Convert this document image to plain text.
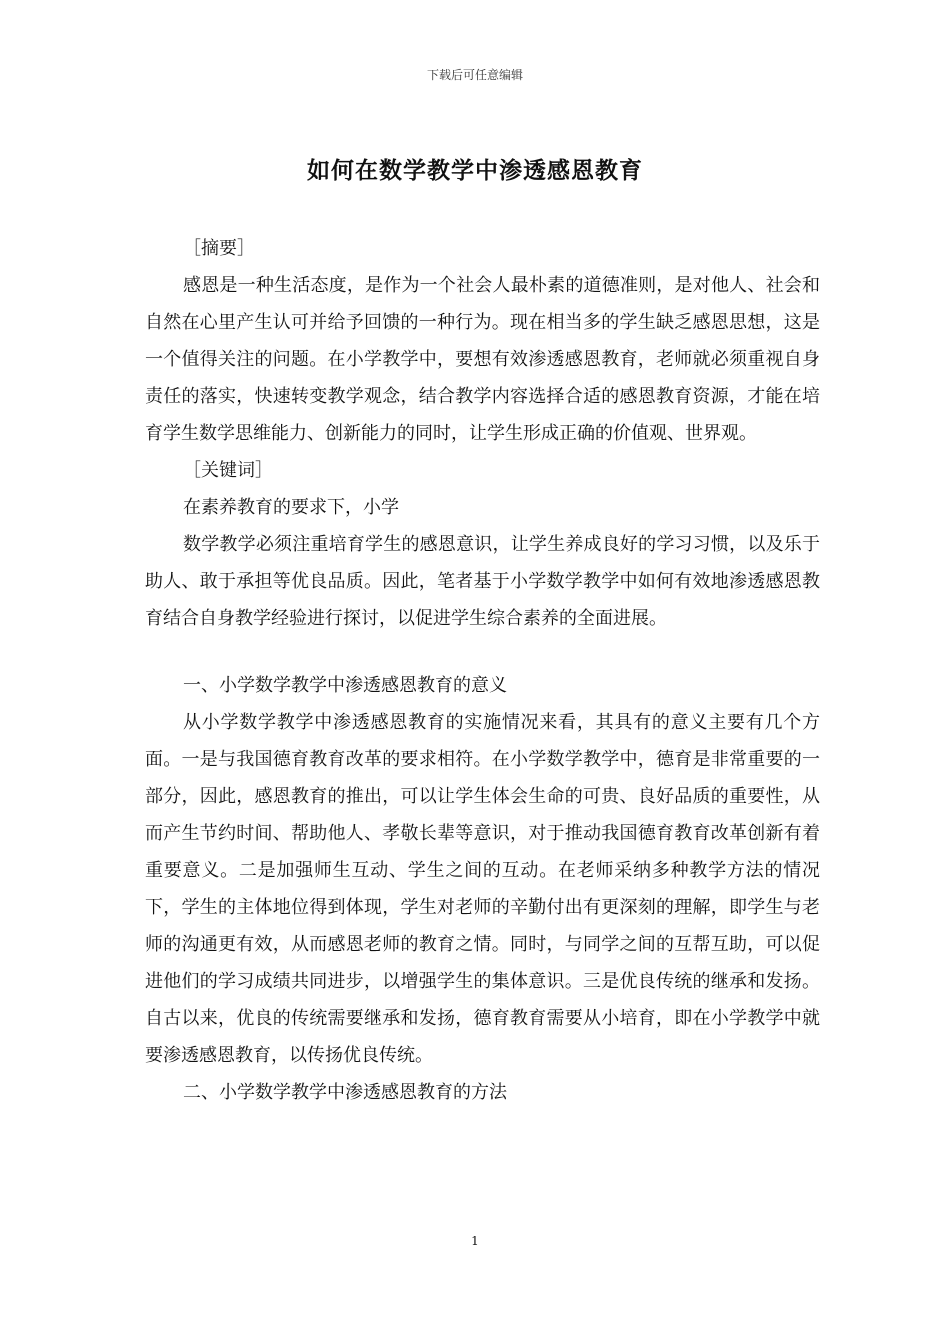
下载后可任意编辑
如何在数学教学中渗透感恩教育

［摘要］

感恩是一种生活态度，是作为一个社会人最朴素的道德准则，是对他人、社会和自然在心里产生认可并给予回馈的一种行为。现在相当多的学生缺乏感恩思想，这是一个值得关注的问题。在小学教学中，要想有效渗透感恩教育，老师就必须重视自身责任的落实，快速转变教学观念，结合教学内容选择合适的感恩教育资源，才能在培育学生数学思维能力、创新能力的同时，让学生形成正确的价值观、世界观。

［关键词］

在素养教育的要求下，小学

数学教学必须注重培育学生的感恩意识，让学生养成良好的学习习惯，以及乐于助人、敢于承担等优良品质。因此，笔者基于小学数学教学中如何有效地渗透感恩教育结合自身教学经验进行探讨，以促进学生综合素养的全面进展。

一、小学数学教学中渗透感恩教育的意义

从小学数学教学中渗透感恩教育的实施情况来看，其具有的意义主要有几个方面。一是与我国德育教育改革的要求相符。在小学数学教学中，德育是非常重要的一部分，因此，感恩教育的推出，可以让学生体会生命的可贵、良好品质的重要性，从而产生节约时间、帮助他人、孝敬长辈等意识，对于推动我国德育教育改革创新有着重要意义。二是加强师生互动、学生之间的互动。在老师采纳多种教学方法的情况下，学生的主体地位得到体现，学生对老师的辛勤付出有更深刻的理解，即学生与老师的沟通更有效，从而感恩老师的教育之情。同时，与同学之间的互帮互助，可以促进他们的学习成绩共同进步，以增强学生的集体意识。三是优良传统的继承和发扬。自古以来，优良的传统需要继承和发扬，德育教育需要从小培育，即在小学教学中就要渗透感恩教育，以传扬优良传统。

二、小学数学教学中渗透感恩教育的方法

1
